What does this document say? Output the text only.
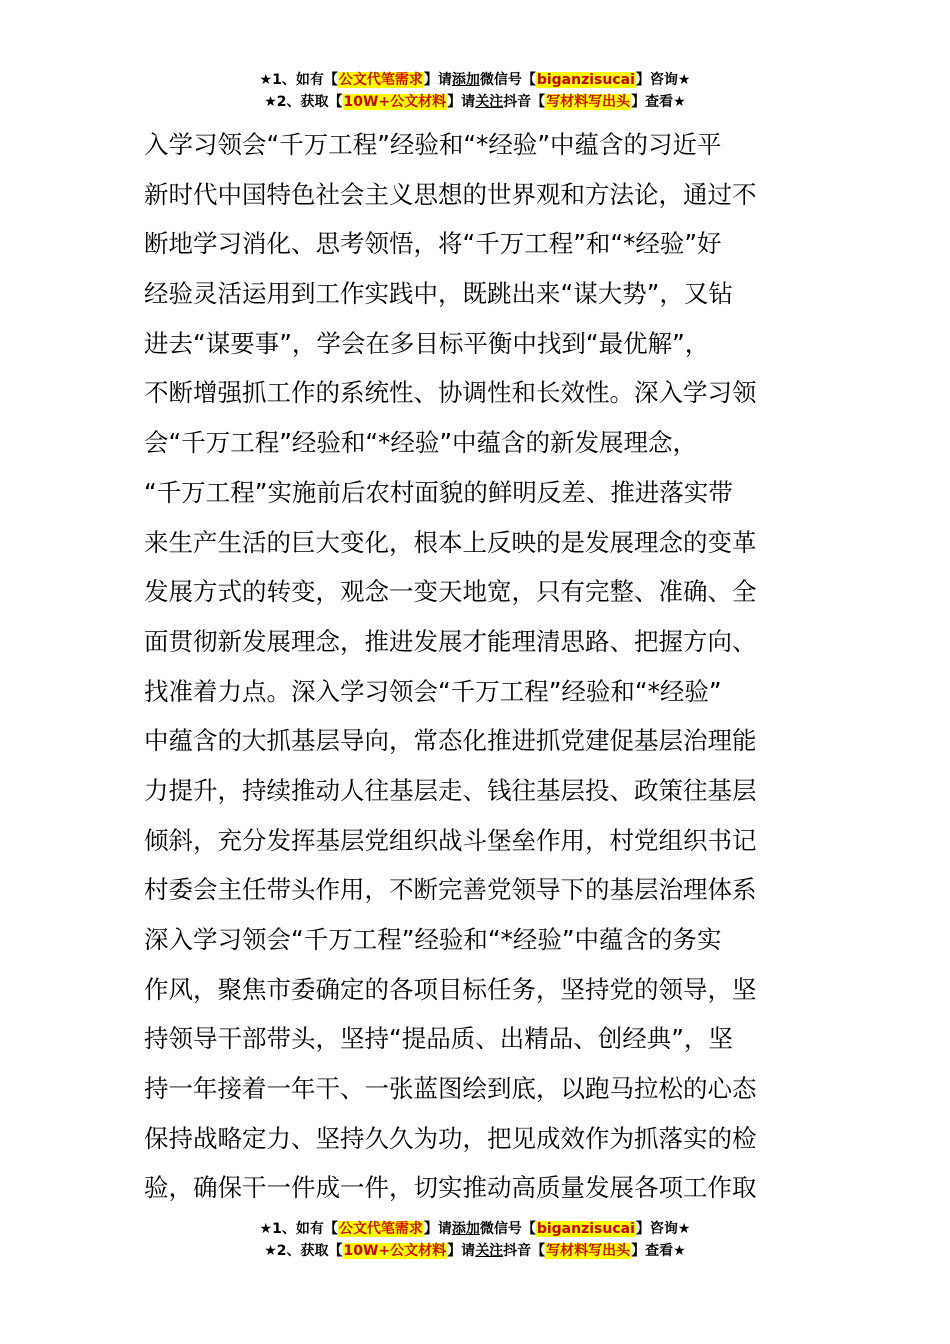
★1、如有【公文代笔需求】请添加微信号【biganzisucai】咨询★
★2、获取【10W+公文材料】请关注抖音【写材料写出头】查看★
入学习领会“千万工程”经验和“*经验”中蕴含的习近平
新时代中国特色社会主义思想的世界观和方法论，通过不
断地学习消化、思考领悟，将“千万工程”和“*经验”好
经验灵活运用到工作实践中，既跳出来“谋大势”，又钻
进去“谋要事”，学会在多目标平衡中找到“最优解”，
不断增强抓工作的系统性、协调性和长效性。深入学习领
会“千万工程”经验和“*经验”中蕴含的新发展理念，
“千万工程”实施前后农村面貌的鲜明反差、推进落实带
来生产生活的巨大变化，根本上反映的是发展理念的变革
发展方式的转变，观念一变天地宽，只有完整、准确、全
面贯彻新发展理念，推进发展才能理清思路、把握方向、
找准着力点。深入学习领会“千万工程”经验和“*经验”
中蕴含的大抓基层导向，常态化推进抓党建促基层治理能
力提升，持续推动人往基层走、钱往基层投、政策往基层
倾斜，充分发挥基层党组织战斗堡垒作用，村党组织书记
村委会主任带头作用，不断完善党领导下的基层治理体系
深入学习领会“千万工程”经验和“*经验”中蕴含的务实
作风，聚焦市委确定的各项目标任务，坚持党的领导，坚
持领导干部带头，坚持“提品质、出精品、创经典”，坚
持一年接着一年干、一张蓝图绘到底，以跑马拉松的心态
保持战略定力、坚持久久为功，把见成效作为抓落实的检
验，确保干一件成一件，切实推动高质量发展各项工作取
★1、如有【公文代笔需求】请添加微信号【biganzisucai】咨询★
★2、获取【10W+公文材料】请关注抖音【写材料写出头】查看★
